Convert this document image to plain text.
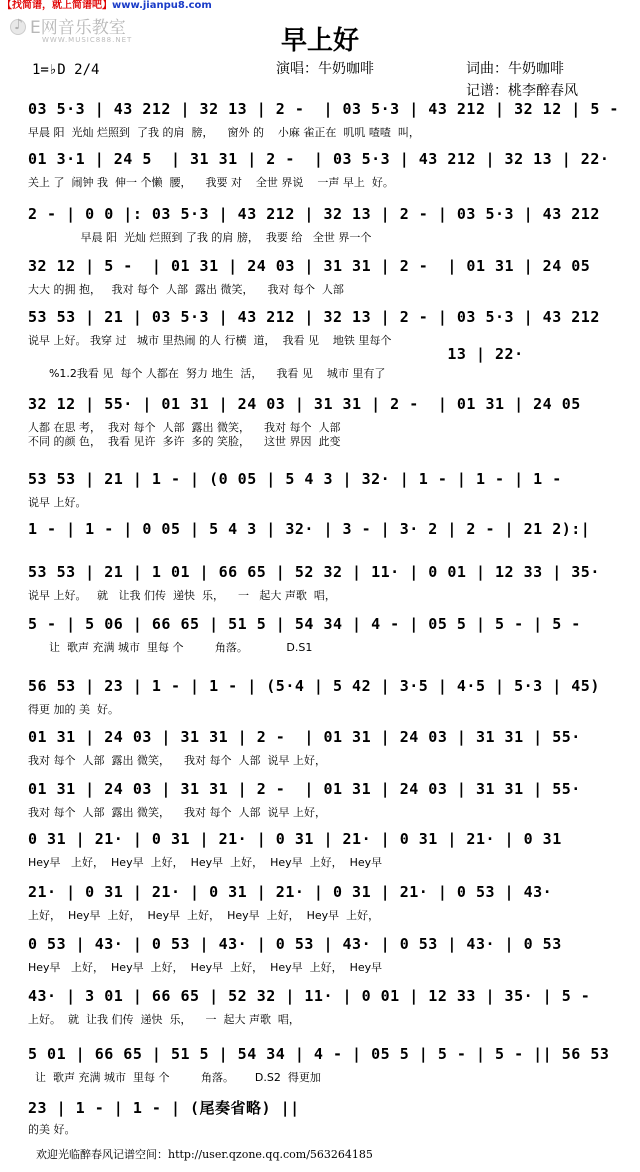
【找简谱，就上简谱吧】www.jianpu8.com
♪
E网音乐教室
WWW.MUSIC888.NET	早上好
1=♭D 2/4	演唱：牛奶咖啡	词曲：牛奶咖啡
记谱：桃李醉春风
03 5·3 | 43 212 | 32 13 | 2 -  | 03 5·3 | 43 212 | 32 12 | 5 -
早晨 阳  光灿 烂照到  了我 的肩  膀，    窗外 的    小麻 雀正在  叽叽 喳喳  叫，
01 3·1 | 24 5  | 31 31 | 2 -  | 03 5·3 | 43 212 | 32 13 | 22·
关上 了  闹钟 我  伸一 个懒  腰，    我要 对    全世 界说    一声 早上  好。
2 - | 0 0 |: 03 5·3 | 43 212 | 32 13 | 2 - | 03 5·3 | 43 212
早晨 阳  光灿 烂照到 了我 的肩 膀，  我要 给   全世 界一个
32 12 | 5 -  | 01 31 | 24 03 | 31 31 | 2 -  | 01 31 | 24 05
大大 的拥 抱，   我对 每个  人部  露出 微笑，    我对 每个  人部
53 53 | 21 | 03 5·3 | 43 212 | 32 13 | 2 - | 03 5·3 | 43 212
说早 上好。 我穿 过   城市 里热闹 的人 行横  道，  我看 见    地铁 里每个
13 | 22·
%1.2我看 见  每个 人都在  努力 地生  活，    我看 见    城市 里有了
32 12 | 55· | 01 31 | 24 03 | 31 31 | 2 -  | 01 31 | 24 05
人都 在思 考，  我对 每个  人部  露出 微笑，    我对 每个  人部
不同 的颜 色，  我看 见许  多许  多的 笑脸，    这世 界因  此变
53 53 | 21 | 1 - | (0 05 | 5 4 3 | 32· | 1 - | 1 - | 1 -
说早 上好。
1 - | 1 - | 0 05 | 5 4 3 | 32· | 3 - | 3· 2 | 2 - | 21 2):|
53 53 | 21 | 1 01 | 66 65 | 52 32 | 11· | 0 01 | 12 33 | 35·
说早 上好。   就   让我 们传  递快  乐，    一   起大 声歌  唱，
5 - | 5 06 | 66 65 | 51 5 | 54 34 | 4 - | 05 5 | 5 - | 5 -
让  歌声 充满 城市  里每 个         角落。           D.S1
56 53 | 23 | 1 - | 1 - | (5·4 | 5 42 | 3·5 | 4·5 | 5·3 | 45)
得更 加的 美  好。
01 31 | 24 03 | 31 31 | 2 -  | 01 31 | 24 03 | 31 31 | 55·
我对 每个  人部  露出 微笑，    我对 每个  人部  说早 上好，
01 31 | 24 03 | 31 31 | 2 -  | 01 31 | 24 03 | 31 31 | 55·
我对 每个  人部  露出 微笑，    我对 每个  人部  说早 上好，
0 31 | 21· | 0 31 | 21· | 0 31 | 21· | 0 31 | 21· | 0 31
Hey早   上好，  Hey早  上好，  Hey早  上好，  Hey早  上好，  Hey早
21· | 0 31 | 21· | 0 31 | 21· | 0 31 | 21· | 0 53 | 43·
上好，  Hey早  上好，  Hey早  上好，  Hey早  上好，  Hey早  上好，
0 53 | 43· | 0 53 | 43· | 0 53 | 43· | 0 53 | 43· | 0 53
Hey早   上好，  Hey早  上好，  Hey早  上好，  Hey早  上好，  Hey早
43· | 3 01 | 66 65 | 52 32 | 11· | 0 01 | 12 33 | 35· | 5 -
上好。  就  让我 们传  递快  乐，    一  起大 声歌  唱，
5 01 | 66 65 | 51 5 | 54 34 | 4 - | 05 5 | 5 - | 5 - || 56 53
让  歌声 充满 城市  里每 个         角落。      D.S2  得更加
23 | 1 - | 1 - | (尾奏省略) ||
的美 好。
欢迎光临醉春风记谱空间：http://user.qzone.qq.com/563264185
